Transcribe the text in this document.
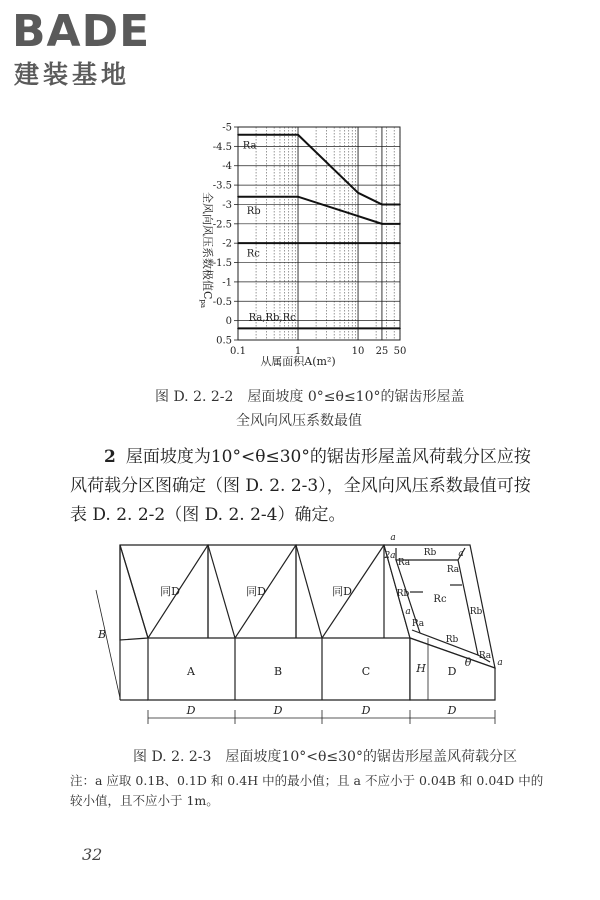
BADE
建装基地
0.1	1	10 25 50
-5
-4.5
-4
-3.5
-3
-2.5
-2
-1.5
-1
-0.5
0
0.5
Ra
Rb
Rc
Ra,Rb,Rc
全风向风压系数极值$C_{pa}$
从属面积A(m²)
图 D. 2. 2-2　屋面坡度 0°≤θ≤10°的锯齿形屋盖
全风向风压系数最值
2 屋面坡度为10°<θ≤30°的锯齿形屋盖风荷载分区应按风荷载分区图确定（图 D. 2. 2-3），全风向风压系数最值可按表 D. 2. 2-2（图 D. 2. 2-4）确定。
同D	同D	同D
A	B	C	D
D	D	D	D
B
H	θ
2a
a
a
a
a
Ra
Rb
Ra
Rb Rc
Rb
Ra
Rb
Ra
图 D. 2. 2-3　屋面坡度10°<θ≤30°的锯齿形屋盖风荷载分区
注：a 应取 0.1B、0.1D 和 0.4H 中的最小值；且 a 不应小于 0.04B 和 0.04D 中的较小值，且不应小于 1m。
32
